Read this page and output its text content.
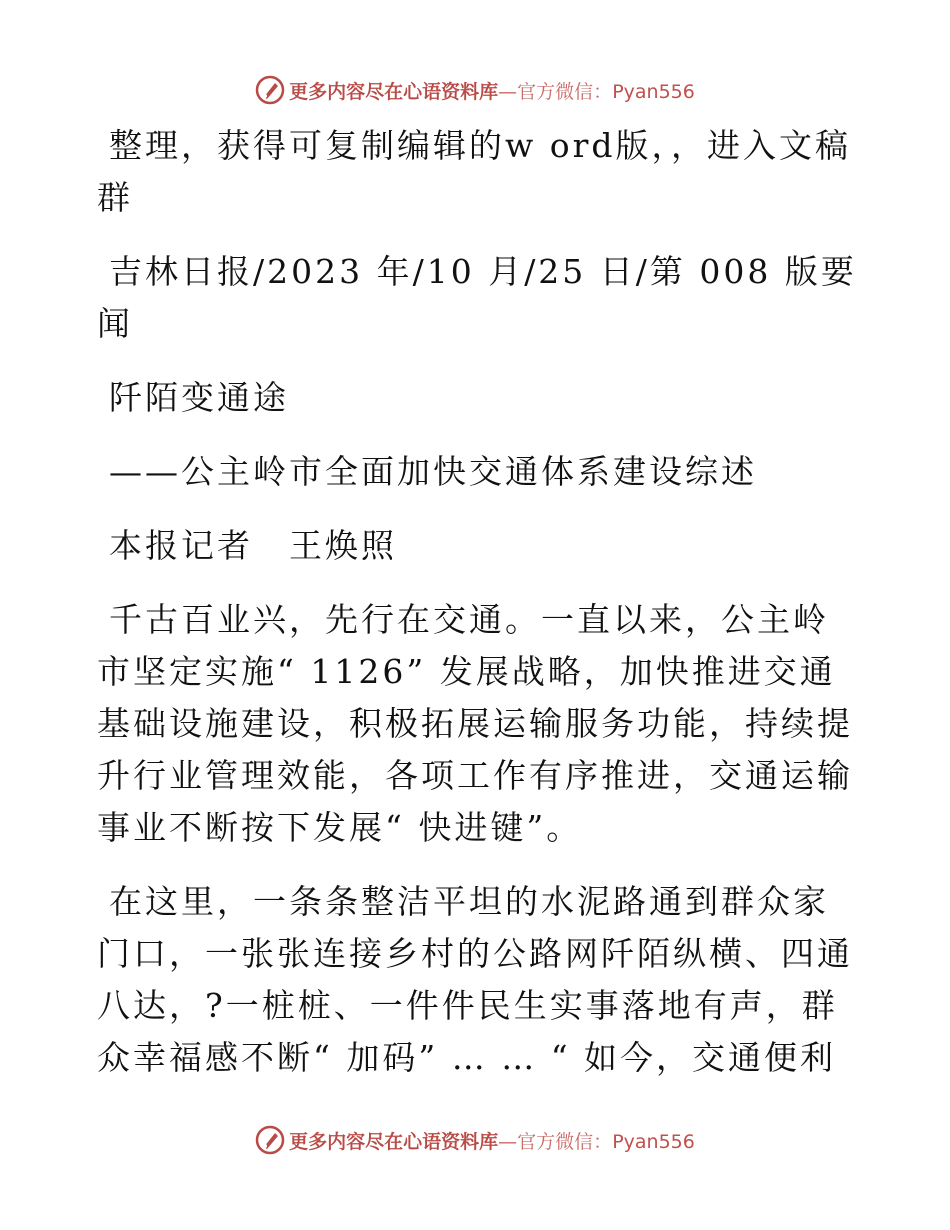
更多内容尽在心语资料库—官方微信：Pyan556

整理，获得可复制编辑的w ord版，，进入文稿群

吉林日报/2023 年/10 月/25 日/第 008 版要闻

阡陌变通途

——公主岭市全面加快交通体系建设综述

本报记者　王焕照

千古百业兴，先行在交通。一直以来，公主岭市坚定实施“ 1126” 发展战略，加快推进交通基础设施建设，积极拓展运输服务功能，持续提升行业管理效能，各项工作有序推进，交通运输事业不断按下发展“ 快进键”。

在这里，一条条整洁平坦的水泥路通到群众家门口，一张张连接乡村的公路网阡陌纵横、四通八达，?一桩桩、一件件民生实事落地有声，群众幸福感不断“ 加码” … … “ 如今，交通便利

更多内容尽在心语资料库—官方微信：Pyan556
